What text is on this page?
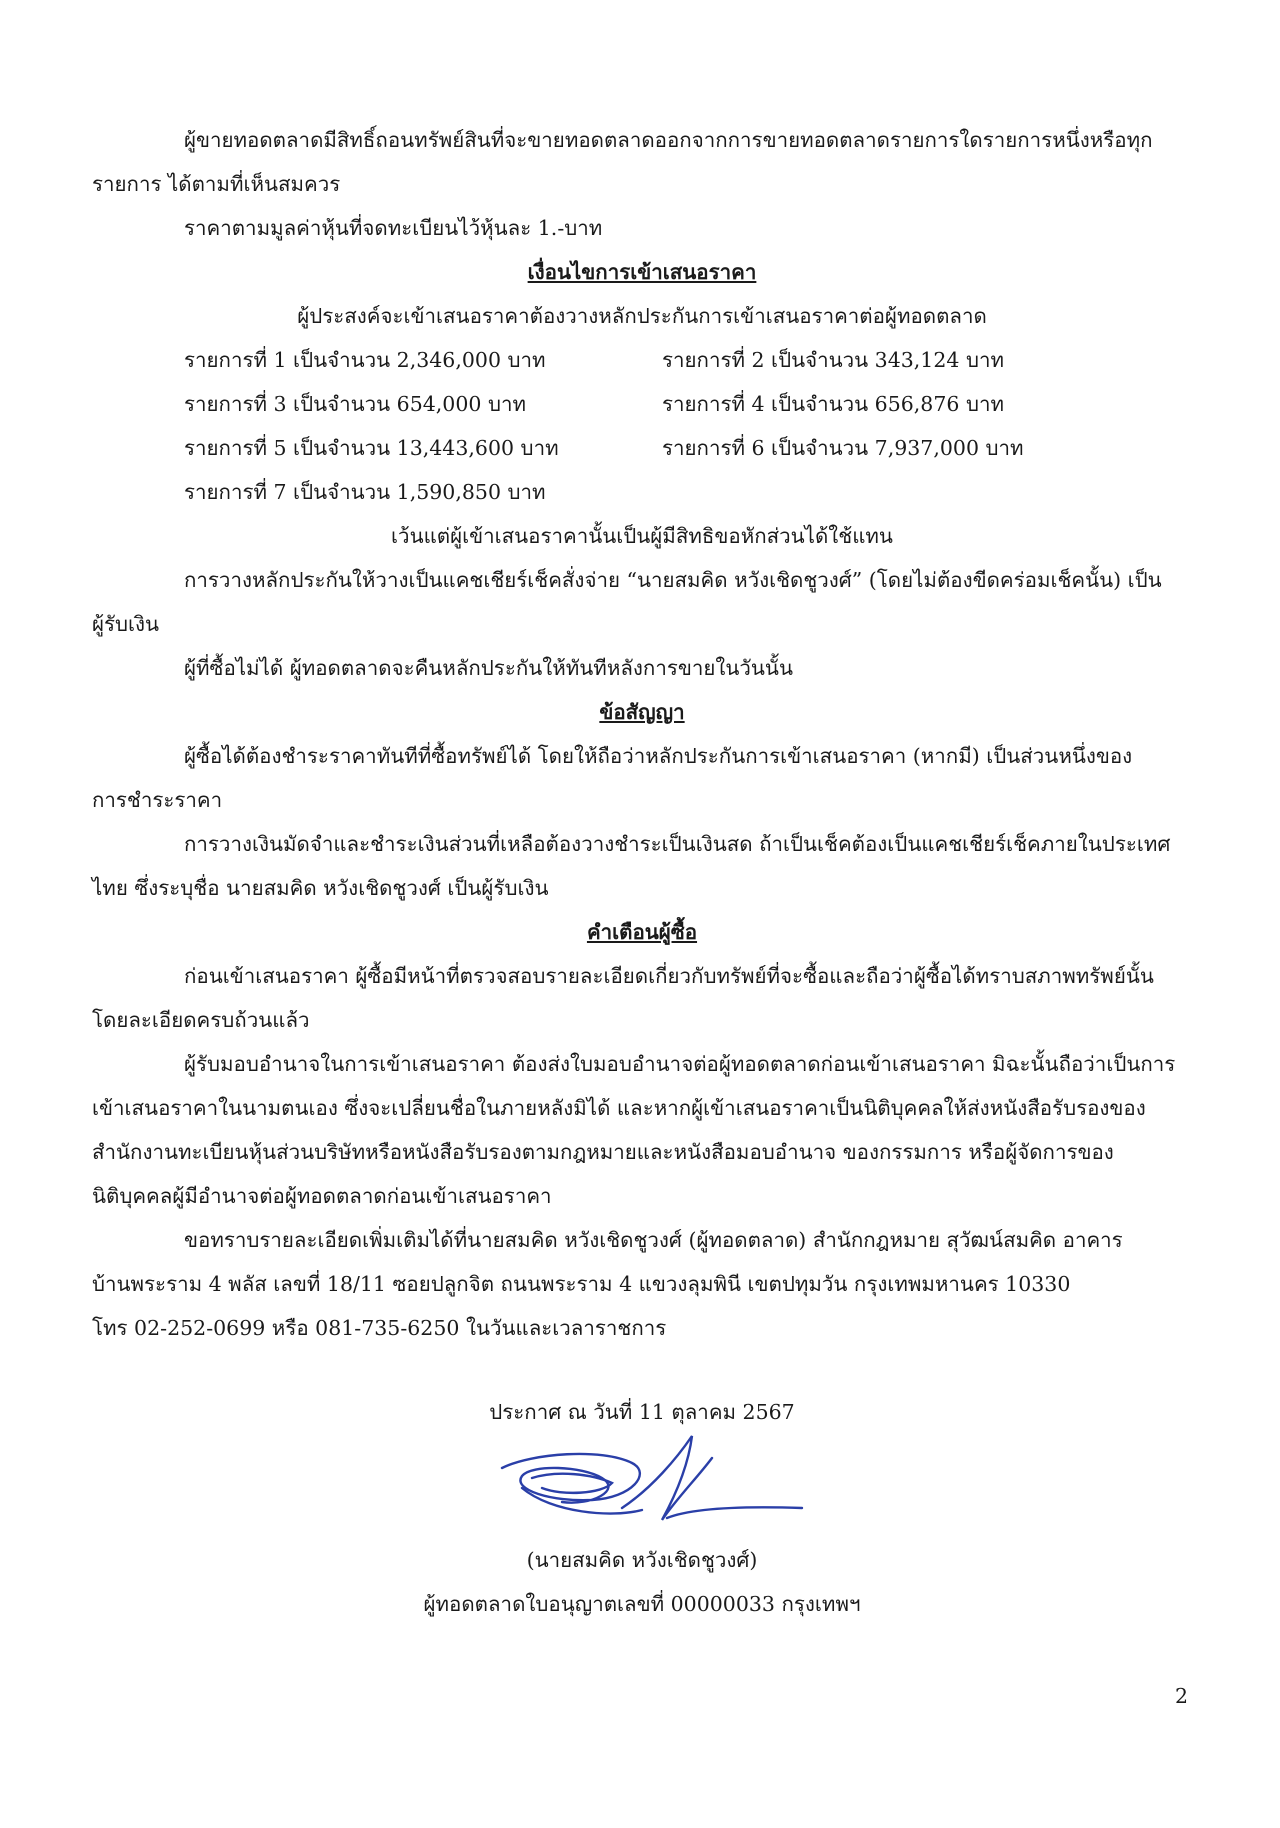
ผู้ขายทอดตลาดมีสิทธิ์ถอนทรัพย์สินที่จะขายทอดตลาดออกจากการขายทอดตลาดรายการใดรายการหนึ่งหรือทุก
รายการ ได้ตามที่เห็นสมควร
ราคาตามมูลค่าหุ้นที่จดทะเบียนไว้หุ้นละ 1.-บาท
เงื่อนไขการเข้าเสนอราคา
ผู้ประสงค์จะเข้าเสนอราคาต้องวางหลักประกันการเข้าเสนอราคาต่อผู้ทอดตลาด
รายการที่ 1 เป็นจำนวน 2,346,000 บาท	รายการที่ 2 เป็นจำนวน 343,124 บาท
รายการที่ 3 เป็นจำนวน 654,000 บาท	รายการที่ 4 เป็นจำนวน 656,876 บาท
รายการที่ 5 เป็นจำนวน 13,443,600 บาท	รายการที่ 6 เป็นจำนวน 7,937,000 บาท
รายการที่ 7 เป็นจำนวน 1,590,850 บาท
เว้นแต่ผู้เข้าเสนอราคานั้นเป็นผู้มีสิทธิขอหักส่วนได้ใช้แทน
การวางหลักประกันให้วางเป็นแคชเชียร์เช็คสั่งจ่าย “นายสมคิด หวังเชิดชูวงศ์” (โดยไม่ต้องขีดคร่อมเช็คนั้น) เป็น
ผู้รับเงิน
ผู้ที่ซื้อไม่ได้ ผู้ทอดตลาดจะคืนหลักประกันให้ทันทีหลังการขายในวันนั้น
ข้อสัญญา
ผู้ซื้อได้ต้องชำระราคาทันทีที่ซื้อทรัพย์ได้ โดยให้ถือว่าหลักประกันการเข้าเสนอราคา (หากมี) เป็นส่วนหนึ่งของ
การชำระราคา
การวางเงินมัดจำและชำระเงินส่วนที่เหลือต้องวางชำระเป็นเงินสด ถ้าเป็นเช็คต้องเป็นแคชเชียร์เช็คภายในประเทศ
ไทย ซึ่งระบุชื่อ นายสมคิด หวังเชิดชูวงศ์ เป็นผู้รับเงิน
คำเตือนผู้ซื้อ
ก่อนเข้าเสนอราคา ผู้ซื้อมีหน้าที่ตรวจสอบรายละเอียดเกี่ยวกับทรัพย์ที่จะซื้อและถือว่าผู้ซื้อได้ทราบสภาพทรัพย์นั้น
โดยละเอียดครบถ้วนแล้ว
ผู้รับมอบอำนาจในการเข้าเสนอราคา ต้องส่งใบมอบอำนาจต่อผู้ทอดตลาดก่อนเข้าเสนอราคา มิฉะนั้นถือว่าเป็นการ
เข้าเสนอราคาในนามตนเอง ซึ่งจะเปลี่ยนชื่อในภายหลังมิได้ และหากผู้เข้าเสนอราคาเป็นนิติบุคคลให้ส่งหนังสือรับรองของ
สำนักงานทะเบียนหุ้นส่วนบริษัทหรือหนังสือรับรองตามกฎหมายและหนังสือมอบอำนาจ ของกรรมการ หรือผู้จัดการของ
นิติบุคคลผู้มีอำนาจต่อผู้ทอดตลาดก่อนเข้าเสนอราคา
ขอทราบรายละเอียดเพิ่มเติมได้ที่นายสมคิด หวังเชิดชูวงศ์ (ผู้ทอดตลาด) สำนักกฎหมาย สุวัฒน์สมคิด อาคาร
บ้านพระราม 4 พลัส เลขที่ 18/11 ซอยปลูกจิต ถนนพระราม 4 แขวงลุมพินี เขตปทุมวัน กรุงเทพมหานคร 10330
โทร 02-252-0699 หรือ 081-735-6250 ในวันและเวลาราชการ
ประกาศ ณ วันที่ 11 ตุลาคม 2567
(นายสมคิด หวังเชิดชูวงศ์)
ผู้ทอดตลาดใบอนุญาตเลขที่ 00000033 กรุงเทพฯ
2
